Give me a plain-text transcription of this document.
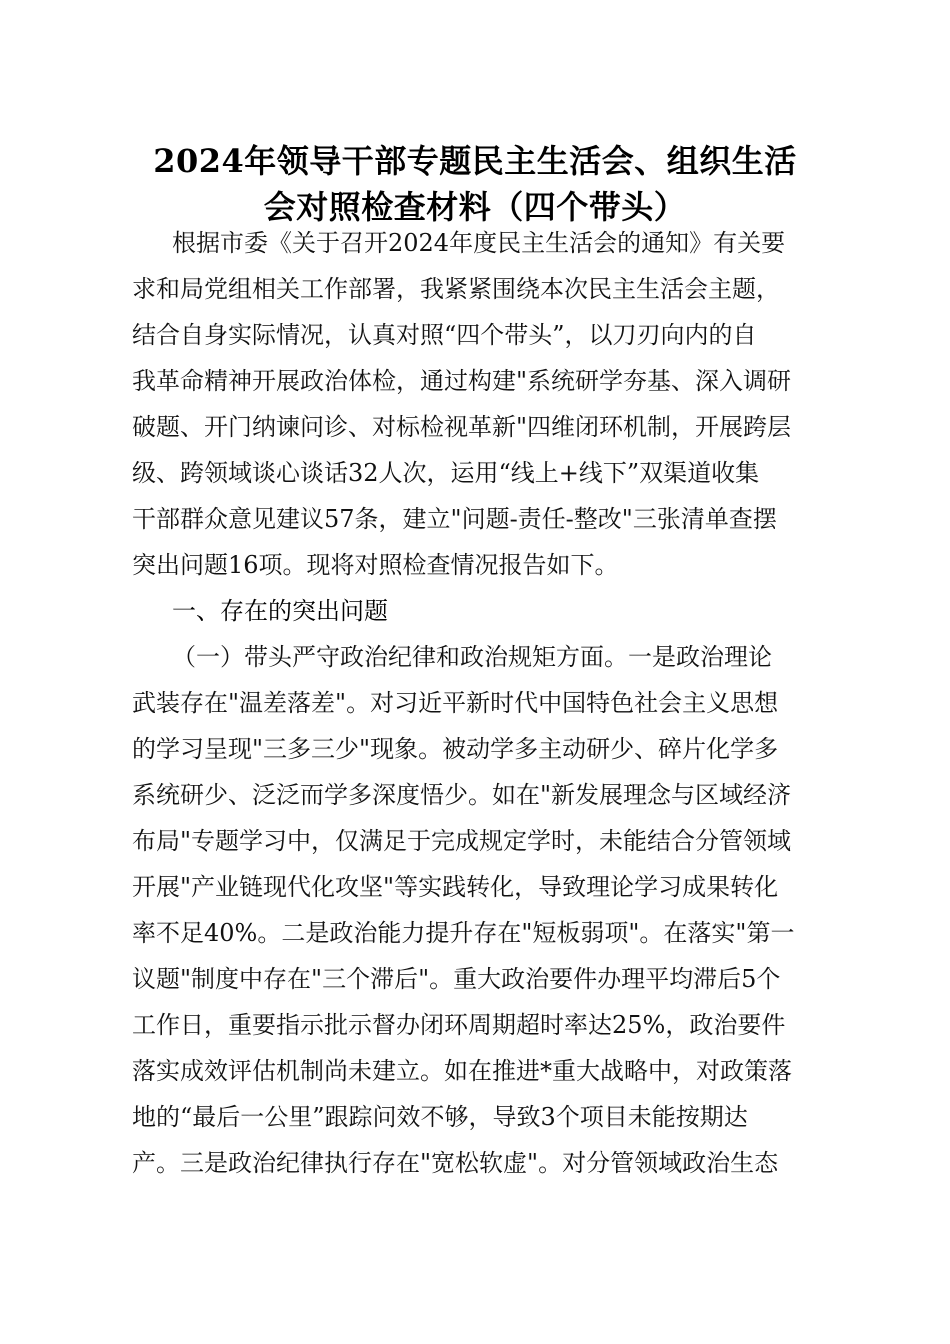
2024年领导干部专题民主生活会、组织生活
会对照检查材料（四个带头）
根据市委《关于召开2024年度民主生活会的通知》有关要
求和局党组相关工作部署，我紧紧围绕本次民主生活会主题，
结合自身实际情况，认真对照“四个带头”，以刀刃向内的自
我革命精神开展政治体检，通过构建"系统研学夯基、深入调研
破题、开门纳谏问诊、对标检视革新"四维闭环机制，开展跨层
级、跨领域谈心谈话32人次，运用“线上+线下”双渠道收集
干部群众意见建议57条，建立"问题-责任-整改"三张清单查摆
突出问题16项。现将对照检查情况报告如下。
一、存在的突出问题
（一）带头严守政治纪律和政治规矩方面。一是政治理论
武装存在"温差落差"。对习近平新时代中国特色社会主义思想
的学习呈现"三多三少"现象。被动学多主动研少、碎片化学多
系统研少、泛泛而学多深度悟少。如在"新发展理念与区域经济
布局"专题学习中，仅满足于完成规定学时，未能结合分管领域
开展"产业链现代化攻坚"等实践转化，导致理论学习成果转化
率不足40%。二是政治能力提升存在"短板弱项"。在落实"第一
议题"制度中存在"三个滞后"。重大政治要件办理平均滞后5个
工作日，重要指示批示督办闭环周期超时率达25%，政治要件
落实成效评估机制尚未建立。如在推进*重大战略中，对政策落
地的“最后一公里”跟踪问效不够，导致3个项目未能按期达
产。三是政治纪律执行存在"宽松软虚"。对分管领域政治生态
